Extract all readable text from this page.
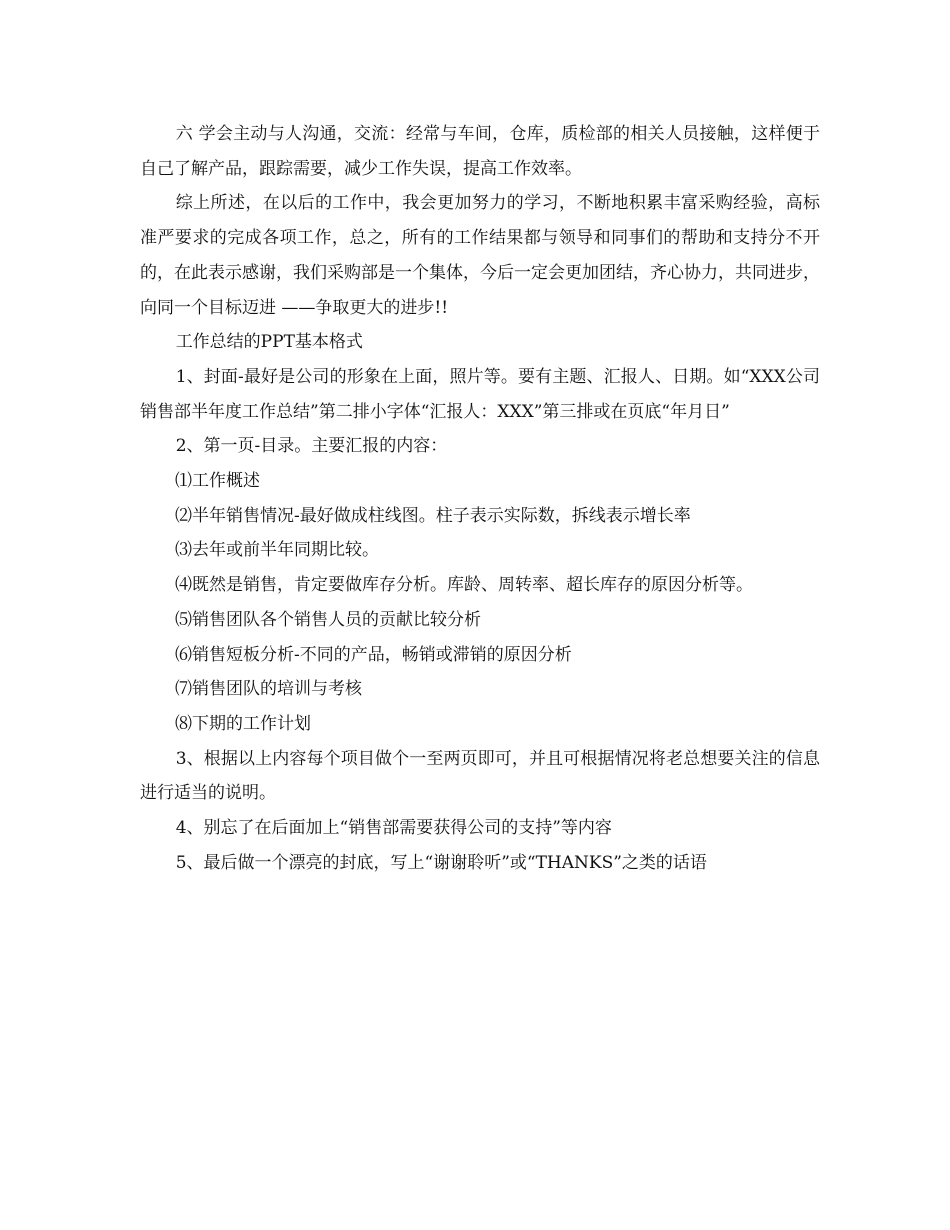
六 学会主动与人沟通，交流：经常与车间，仓库，质检部的相关人员接触，这样便于自己了解产品，跟踪需要，减少工作失误，提高工作效率。

综上所述，在以后的工作中，我会更加努力的学习，不断地积累丰富采购经验，高标准严要求的完成各项工作，总之，所有的工作结果都与领导和同事们的帮助和支持分不开的，在此表示感谢，我们采购部是一个集体，今后一定会更加团结，齐心协力，共同进步，向同一个目标迈进 ——争取更大的进步!!

工作总结的PPT基本格式

1、封面-最好是公司的形象在上面，照片等。要有主题、汇报人、日期。如“XXX公司销售部半年度工作总结”第二排小字体“汇报人：XXX”第三排或在页底“年月日”

2、第一页-目录。主要汇报的内容：

⑴工作概述

⑵半年销售情况-最好做成柱线图。柱子表示实际数，拆线表示增长率

⑶去年或前半年同期比较。

⑷既然是销售，肯定要做库存分析。库龄、周转率、超长库存的原因分析等。

⑸销售团队各个销售人员的贡献比较分析

⑹销售短板分析-不同的产品，畅销或滞销的原因分析

⑺销售团队的培训与考核

⑻下期的工作计划

3、根据以上内容每个项目做个一至两页即可，并且可根据情况将老总想要关注的信息进行适当的说明。

4、别忘了在后面加上“销售部需要获得公司的支持”等内容

5、最后做一个漂亮的封底，写上“谢谢聆听”或“THANKS”之类的话语
